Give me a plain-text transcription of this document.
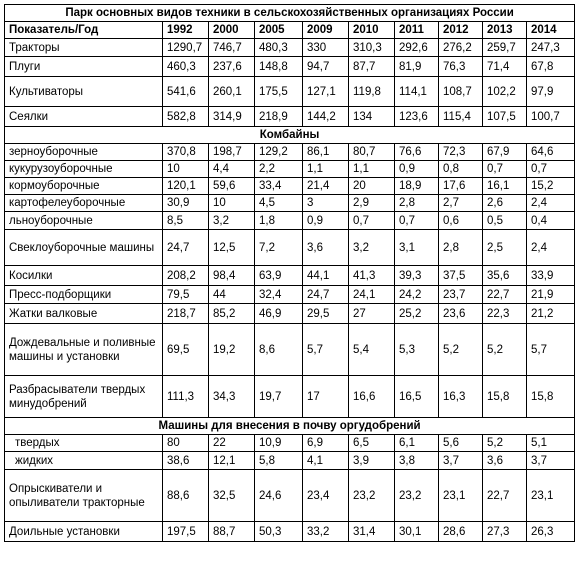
Парк основных видов техники в сельскохозяйственных организациях России									
Показатель/Год	1992	2000	2005	2009	2010	2011	2012	2013	2014
Тракторы	1290,7	746,7	480,3	330	310,3	292,6	276,2	259,7	247,3
Плуги	460,3	237,6	148,8	94,7	87,7	81,9	76,3	71,4	67,8
Культиваторы	541,6	260,1	175,5	127,1	119,8	114,1	108,7	102,2	97,9
Сеялки	582,8	314,9	218,9	144,2	134	123,6	115,4	107,5	100,7
Комбайны									
зерноуборочные	370,8	198,7	129,2	86,1	80,7	76,6	72,3	67,9	64,6
кукурузоуборочные	10	4,4	2,2	1,1	1,1	0,9	0,8	0,7	0,7
кормоуборочные	120,1	59,6	33,4	21,4	20	18,9	17,6	16,1	15,2
картофелеуборочные	30,9	10	4,5	3	2,9	2,8	2,7	2,6	2,4
льноуборочные	8,5	3,2	1,8	0,9	0,7	0,7	0,6	0,5	0,4
Свеклоуборочные машины	24,7	12,5	7,2	3,6	3,2	3,1	2,8	2,5	2,4
Косилки	208,2	98,4	63,9	44,1	41,3	39,3	37,5	35,6	33,9
Пресс-подборщики	79,5	44	32,4	24,7	24,1	24,2	23,7	22,7	21,9
Жатки валковые	218,7	85,2	46,9	29,5	27	25,2	23,6	22,3	21,2
Дождевальные и поливные машины и установки	69,5	19,2	8,6	5,7	5,4	5,3	5,2	5,2	5,7
Разбрасыватели твердых минудобрений	111,3	34,3	19,7	17	16,6	16,5	16,3	15,8	15,8
Машины для внесения в почву оргудобрений									
твердых	80	22	10,9	6,9	6,5	6,1	5,6	5,2	5,1
жидких	38,6	12,1	5,8	4,1	3,9	3,8	3,7	3,6	3,7
Опрыскиватели и опыливатели тракторные	88,6	32,5	24,6	23,4	23,2	23,2	23,1	22,7	23,1
Доильные установки	197,5	88,7	50,3	33,2	31,4	30,1	28,6	27,3	26,3
